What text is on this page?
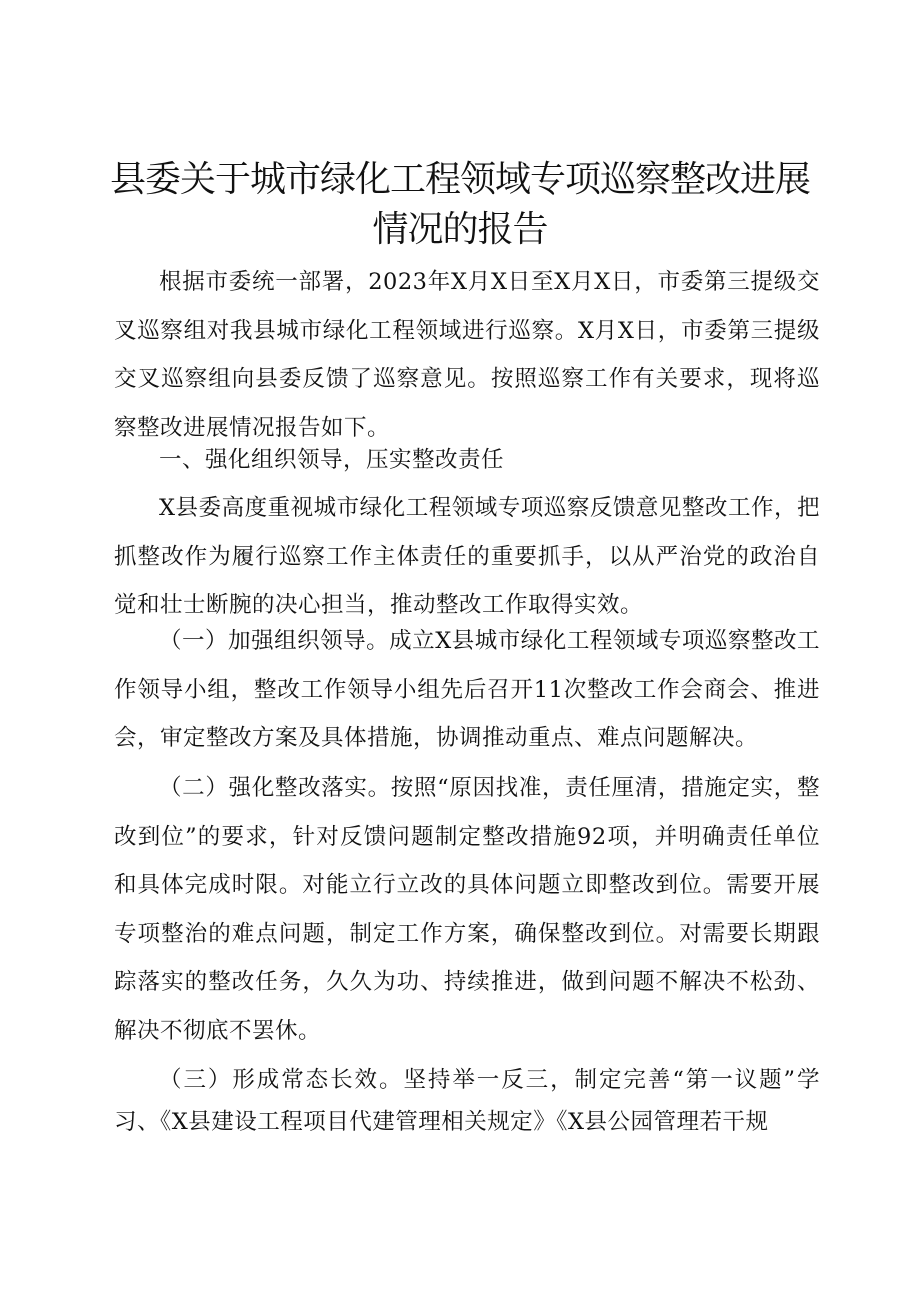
县委关于城市绿化工程领域专项巡察整改进展
情况的报告

根据市委统一部署，2023年X月X日至X月X日，市委第三提级交叉巡察组对我县城市绿化工程领域进行巡察。X月X日，市委第三提级交叉巡察组向县委反馈了巡察意见。按照巡察工作有关要求，现将巡察整改进展情况报告如下。

一、强化组织领导，压实整改责任

X县委高度重视城市绿化工程领域专项巡察反馈意见整改工作，把抓整改作为履行巡察工作主体责任的重要抓手，以从严治党的政治自觉和壮士断腕的决心担当，推动整改工作取得实效。

（一）加强组织领导。成立X县城市绿化工程领域专项巡察整改工作领导小组，整改工作领导小组先后召开11次整改工作会商会、推进会，审定整改方案及具体措施，协调推动重点、难点问题解决。

（二）强化整改落实。按照“原因找准，责任厘清，措施定实，整改到位”的要求，针对反馈问题制定整改措施92项，并明确责任单位和具体完成时限。对能立行立改的具体问题立即整改到位。需要开展专项整治的难点问题，制定工作方案，确保整改到位。对需要长期跟踪落实的整改任务，久久为功、持续推进，做到问题不解决不松劲、解决不彻底不罢休。

（三）形成常态长效。坚持举一反三，制定完善“第一议题”学习、《X县建设工程项目代建管理相关规定》《X县公园管理若干规
